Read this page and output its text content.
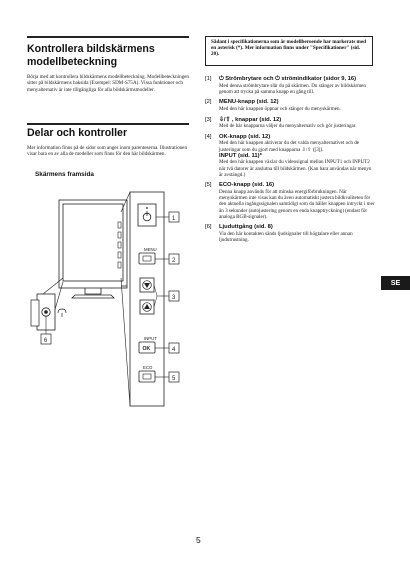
Kontrollera bildskärmens modellbeteckning
Börja med att kontrollera bildskärmens modellbeteckning. Modellbeteckningen sitter på bildskärmens baksida (Exempel: SDM-S75A). Vissa funktioner och menyalternativ är inte tillgängliga för alla bildskärmsmodeller.
Delar och kontroller
Mer information finns på de sidor som anges inom parenteserna. Illustrationen visar bara en av alla de modeller som finns för den här bildskärmen.
Skärmens framsida
MENU
INPUT
OK
ECO
1
2
3
4
5
6
Sådant i specifikationerna som är modellberoende har markerats med en asterisk (*). Mer information finns under "Specifikationer" (sid. 20).
[1] ⏻ Strömbrytare och ⏻ strömindikator (sidor 9, 16)
Med denna strömbrytare slår du på skärmen. Du stänger av bildskärmen genom att trycka på samma knapp en gång till.
[2] MENU-knapp (sid. 12)
Med den här knappen öppnar och stänger du menyskärmen.
[3] ⇩/⇧ , knappar (sid. 12)
Med de här knapparna väljer du menyalternativ och gör justeringar.
[4] OK-knapp (sid. 12)
Med den här knappen aktiverar du det valda menyalternativet och de justeringar som du gjort med knapparna ⇩/⇧ ([3]).
INPUT (sid. 11)*
Med den här knappen växlar du videosignal mellan INPUT1 och INPUT2 när två datorer är anslutna till bildskärmen. (Kan bara användas när menyn är avstängd.)
[5] ECO-knapp (sid. 16)
Denna knapp används för att minska energiförbrukningen. När menyskärmen inte visas kan du även automatiskt justera bildkvaliteten för den aktuella ingångssignalen samtidigt som du håller knappen intryckt i mer än 3 sekunder (autojustering genom en enda knapptryckning) (endast för analoga RGB-signaler).
[6] Ljuduttgång (sid. 8)
Via den här kontakten sänds ljudsignaler till högtalare eller annan ljudutrustning.
SE
5
